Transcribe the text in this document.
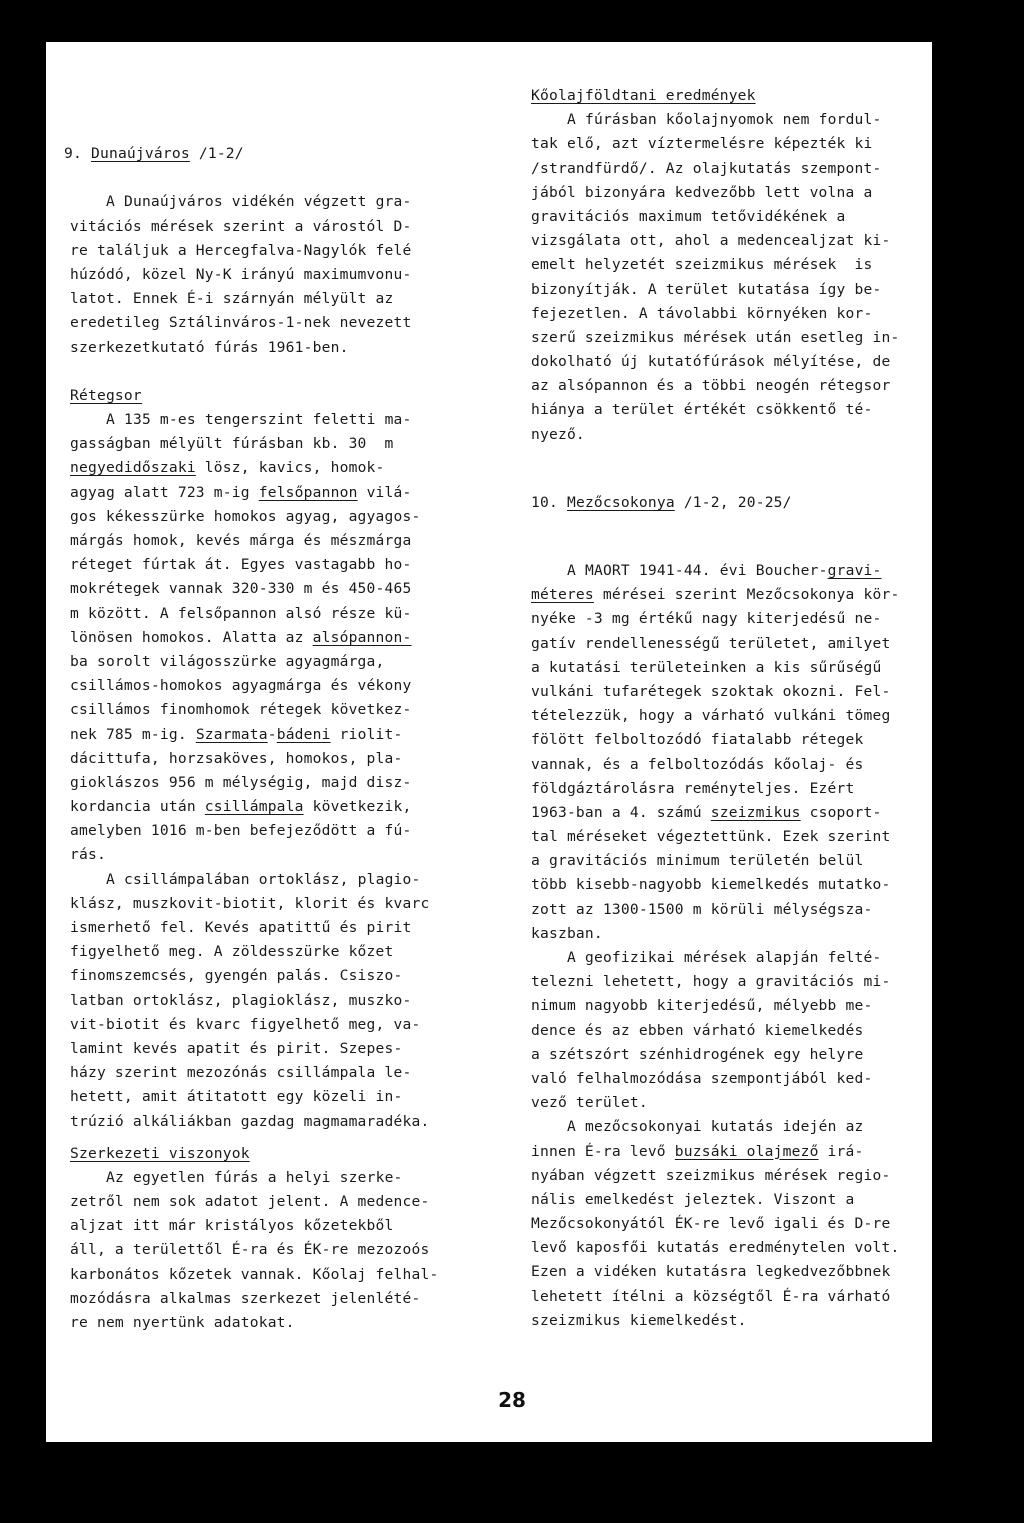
9. Dunaújváros /1-2/
A Dunaújváros vidékén végzett gra-
vitációs mérések szerint a várostól D-
re találjuk a Hercegfalva-Nagylók felé
húzódó, közel Ny-K irányú maximumvonu-
latot. Ennek É-i szárnyán mélyült az
eredetileg Sztálinváros-1-nek nevezett
szerkezetkutató fúrás 1961-ben.
Rétegsor
A 135 m-es tengerszint feletti ma-
gasságban mélyült fúrásban kb. 30  m
negyedidőszaki lösz, kavics, homok-
agyag alatt 723 m-ig felsőpannon vilá-
gos kékesszürke homokos agyag, agyagos-
márgás homok, kevés márga és mészmárga
réteget fúrtak át. Egyes vastagabb ho-
mokrétegek vannak 320-330 m és 450-465
m között. A felsőpannon alsó része kü-
lönösen homokos. Alatta az alsópannon-
ba sorolt világosszürke agyagmárga,
csillámos-homokos agyagmárga és vékony
csillámos finomhomok rétegek következ-
nek 785 m-ig. Szarmata-bádeni riolit-
dácittufa, horzsaköves, homokos, pla-
gioklászos 956 m mélységig, majd disz-
kordancia után csillámpala következik,
amelyben 1016 m-ben befejeződött a fú-
rás.
A csillámpalában ortoklász, plagio-
klász, muszkovit-biotit, klorit és kvarc
ismerhető fel. Kevés apatittű és pirit
figyelhető meg. A zöldesszürke kőzet
finomszemcsés, gyengén palás. Csiszo-
latban ortoklász, plagioklász, muszko-
vit-biotit és kvarc figyelhető meg, va-
lamint kevés apatit és pirit. Szepes-
házy szerint mezozónás csillámpala le-
hetett, amit átitatott egy közeli in-
trúzió alkáliákban gazdag magmamaradéka.
Szerkezeti viszonyok
Az egyetlen fúrás a helyi szerke-
zetről nem sok adatot jelent. A medence-
aljzat itt már kristályos kőzetekből
áll, a területtől É-ra és ÉK-re mezozoós
karbonátos kőzetek vannak. Kőolaj felhal-
mozódásra alkalmas szerkezet jelenlété-
re nem nyertünk adatokat.
Kőolajföldtani eredmények
A fúrásban kőolajnyomok nem fordul-
tak elő, azt víztermelésre képezték ki
/strandfürdő/. Az olajkutatás szempont-
jából bizonyára kedvezőbb lett volna a
gravitációs maximum tetővidékének a
vizsgálata ott, ahol a medencealjzat ki-
emelt helyzetét szeizmikus mérések  is
bizonyítják. A terület kutatása így be-
fejezetlen. A távolabbi környéken kor-
szerű szeizmikus mérések után esetleg in-
dokolható új kutatófúrások mélyítése, de
az alsópannon és a többi neogén rétegsor
hiánya a terület értékét csökkentő té-
nyező.
10. Mezőcsokonya /1-2, 20-25/
A MAORT 1941-44. évi Boucher-gravi-
méteres mérései szerint Mezőcsokonya kör-
nyéke -3 mg értékű nagy kiterjedésű ne-
gatív rendellenességű területet, amilyet
a kutatási területeinken a kis sűrűségű
vulkáni tufarétegek szoktak okozni. Fel-
tételezzük, hogy a várható vulkáni tömeg
fölött felboltozódó fiatalabb rétegek
vannak, és a felboltozódás kőolaj- és
földgáztárolásra reményteljes. Ezért
1963-ban a 4. számú szeizmikus csoport-
tal méréseket végeztettünk. Ezek szerint
a gravitációs minimum területén belül
több kisebb-nagyobb kiemelkedés mutatko-
zott az 1300-1500 m körüli mélységsza-
kaszban.
A geofizikai mérések alapján felté-
telezni lehetett, hogy a gravitációs mi-
nimum nagyobb kiterjedésű, mélyebb me-
dence és az ebben várható kiemelkedés
a szétszórt szénhidrogének egy helyre
való felhalmozódása szempontjából ked-
vező terület.
A mezőcsokonyai kutatás idején az
innen É-ra levő buzsáki olajmező irá-
nyában végzett szeizmikus mérések regio-
nális emelkedést jeleztek. Viszont a
Mezőcsokonyától ÉK-re levő igali és D-re
levő kaposfői kutatás eredménytelen volt.
Ezen a vidéken kutatásra legkedvezőbbnek
lehetett ítélni a községtől É-ra várható
szeizmikus kiemelkedést.
28
